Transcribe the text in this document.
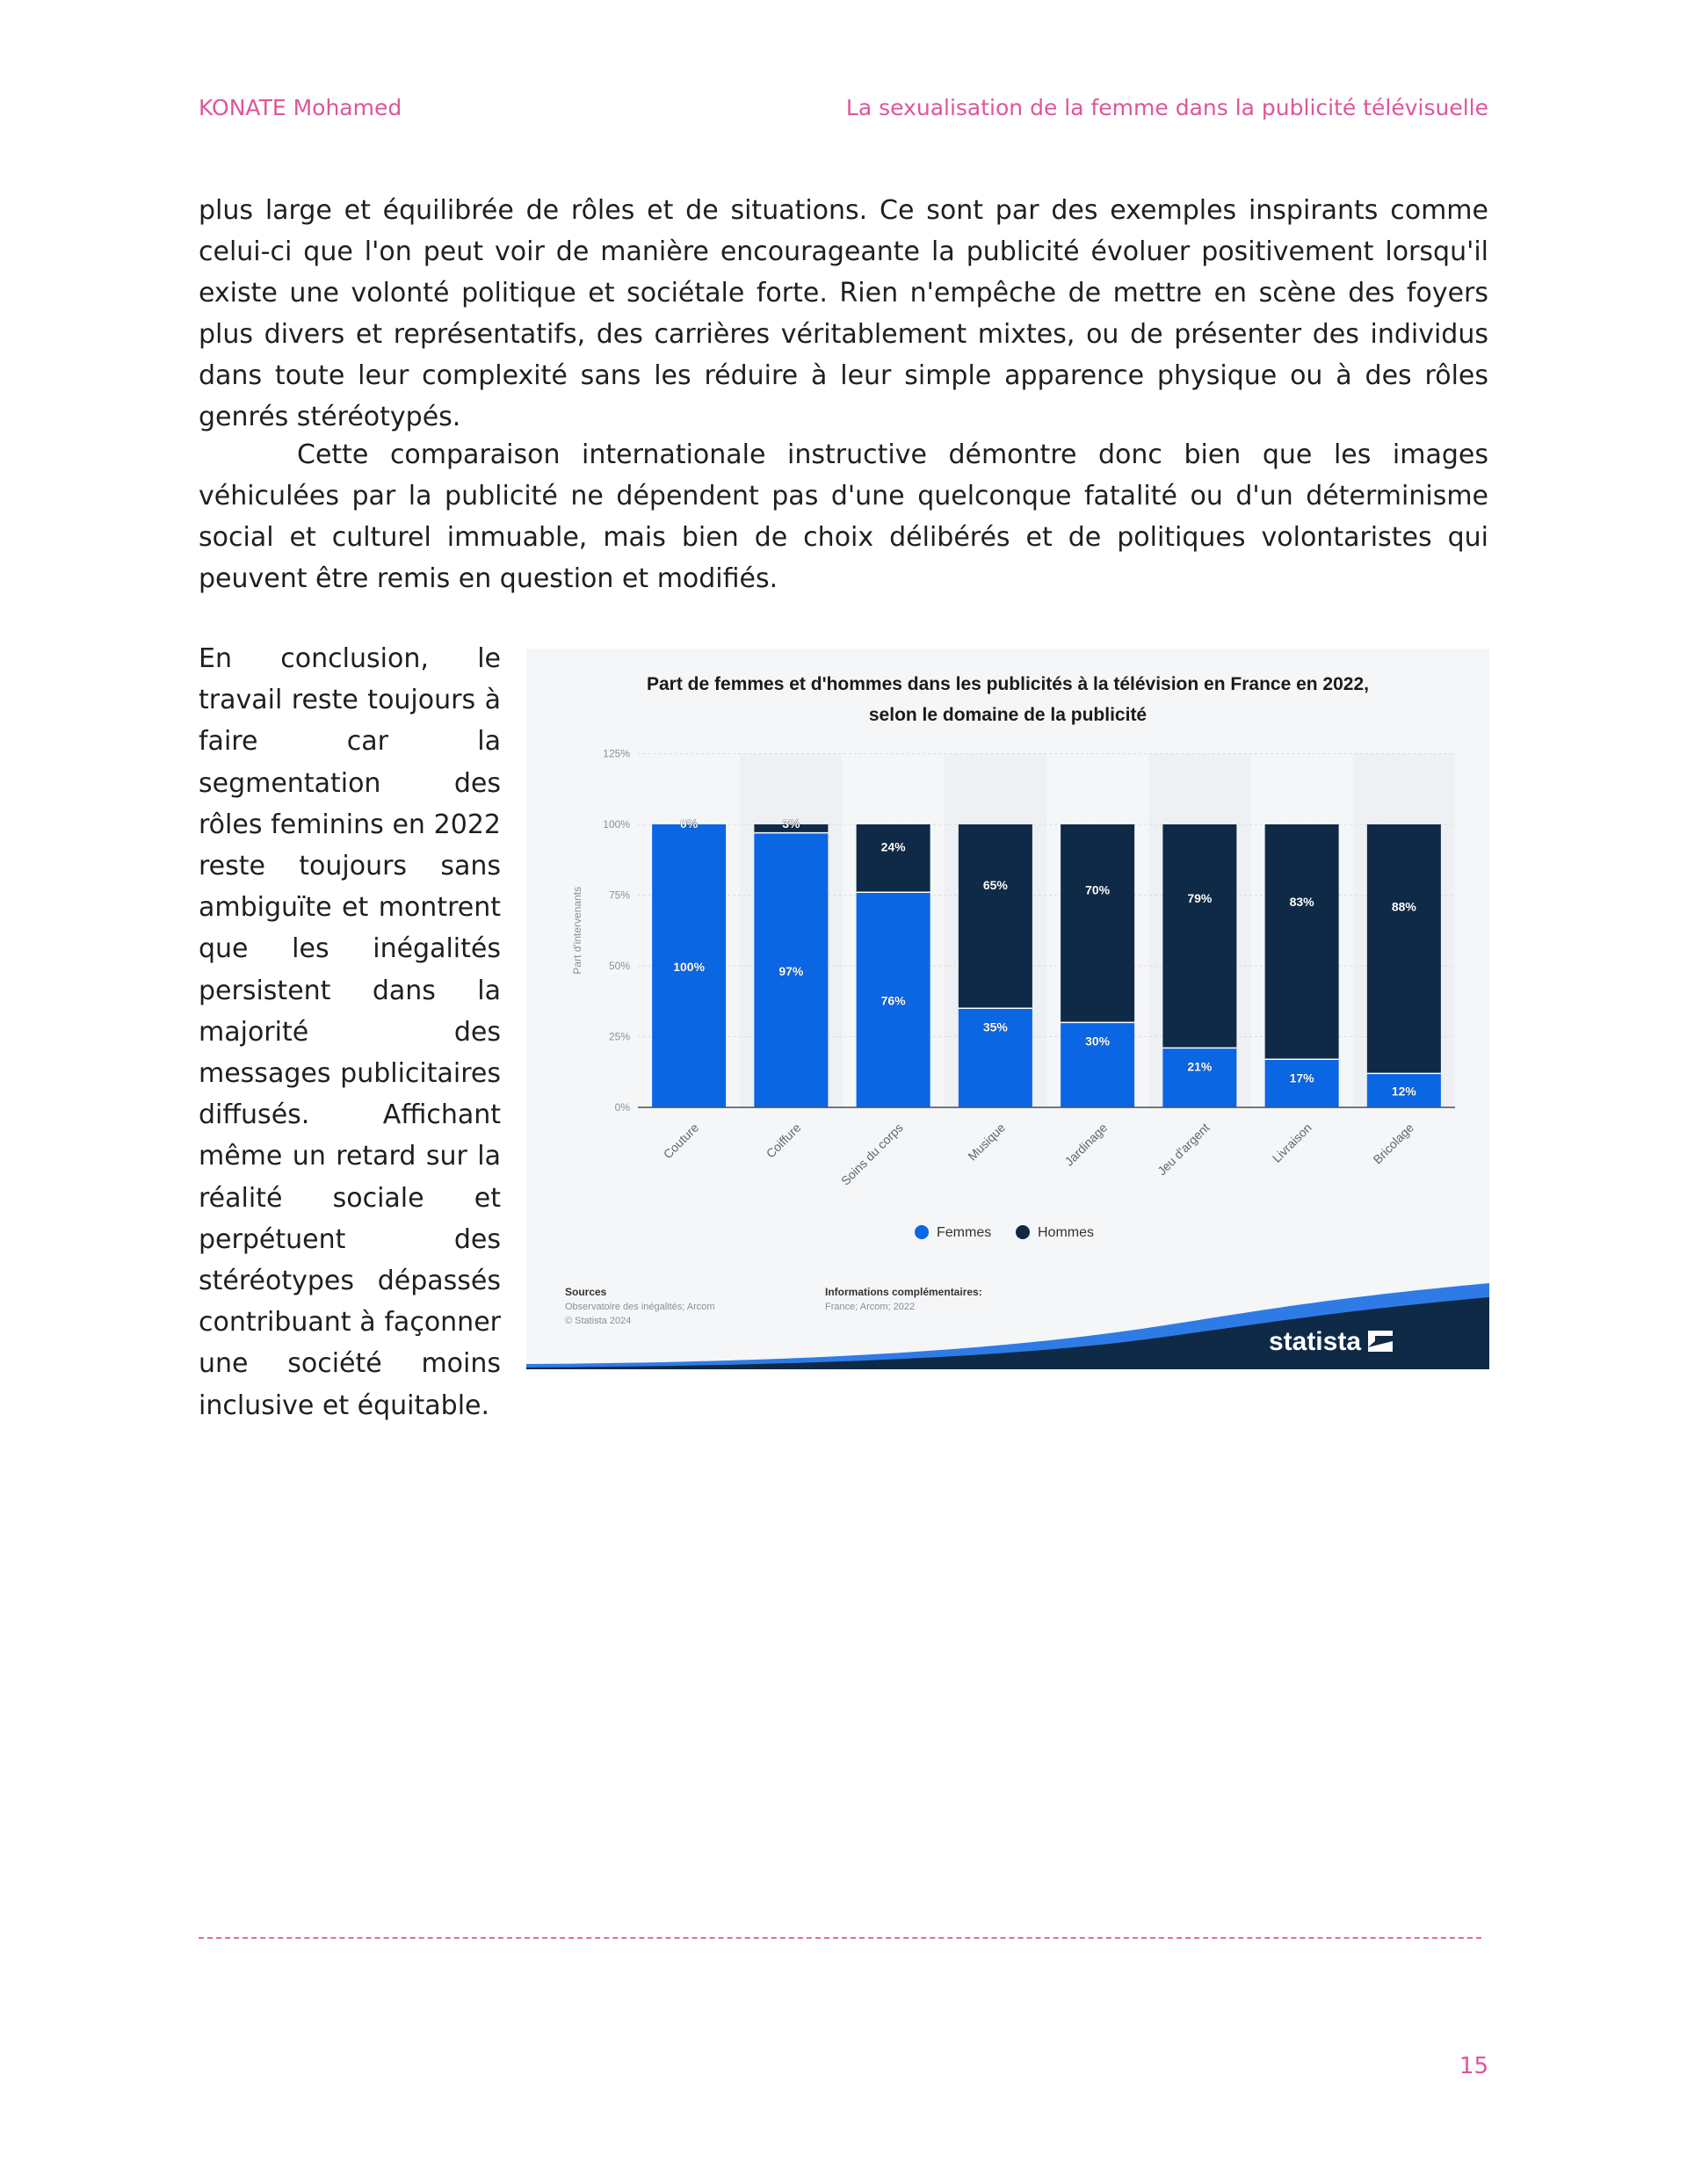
KONATE Mohamed	La sexualisation de la femme dans la publicité télévisuelle

plus large et équilibrée de rôles et de situations. Ce sont par des exemples inspirants comme celui-ci que l'on peut voir de manière encourageante la publicité évoluer positivement lorsqu'il existe une volonté politique et sociétale forte. Rien n'empêche de mettre en scène des foyers plus divers et représentatifs, des carrières véritablement mixtes, ou de présenter des individus dans toute leur complexité sans les réduire à leur simple apparence physique ou à des rôles genrés stéréotypés.

Cette comparaison internationale instructive démontre donc bien que les images véhiculées par la publicité ne dépendent pas d'une quelconque fatalité ou d'un déterminisme social et culturel immuable, mais bien de choix délibérés et de politiques volontaristes qui peuvent être remis en question et modifiés.

En conclusion, le travail reste toujours à faire car la segmentation des rôles feminins en 2022 reste toujours sans ambiguïte et montrent que les inégalités persistent dans la majorité des messages publicitaires diffusés. Affichant même un retard sur la réalité sociale et perpétuent des stéréotypes dépassés contribuant à façonner une société moins inclusive et équitable.

Part de femmes et d'hommes dans les publicités à la télévision en France en 2022,
selon le domaine de la publicité
0%
25%
50%
75%
100%
125%
Part d'intervenants	100%
0%
Couture
97%
3%
Coiffure
76%
24%
Soins du corps
35%
65%
Musique
30%
70%
Jardinage
21%
79%
Jeu d'argent
17%
83%
Livraison
12%
88%
Bricolage
Femmes	Hommes
Sources
Observatoire des inégalités; Arcom
© Statista 2024
Informations complémentaires:
France; Arcom; 2022
statista
15
